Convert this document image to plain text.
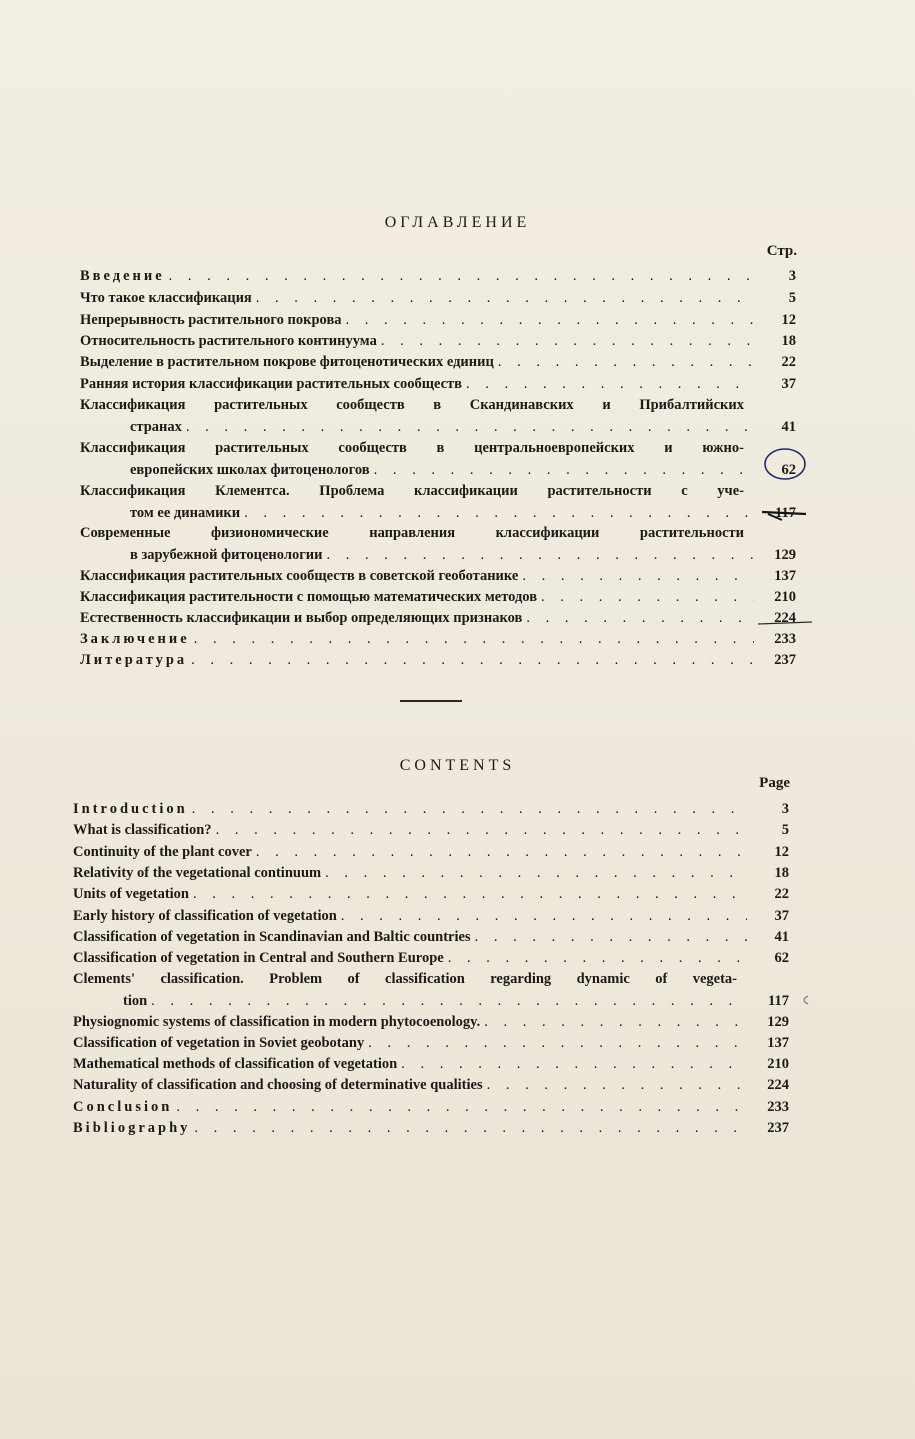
ОГЛАВЛЕНИЕ
Стр.
Введение . . .	3
Что такое классификация . . .	5
Непрерывность растительного покрова . . .	12
Относительность растительного континуума . . .	18
Выделение в растительном покрове фитоценотических единиц . . .	22
Ранняя история классификации растительных сообществ . . .	37
Классификация растительных сообществ в Скандинавских и Прибалтийских
странах . . .	41
Классификация растительных сообществ в центральноевропейских и южно-
европейских школах фитоценологов . . .	62
Классификация Клементса. Проблема классификации растительности с уче-
том ее динамики . . .	117
Современные физиономические направления классификации растительности
в зарубежной фитоценологии . . .	129
Классификация растительных сообществ в советской геоботанике . . .	137
Классификация растительности с помощью математических методов . . .	210
Естественность классификации и выбор определяющих признаков . . .	224
Заключение . . .	233
Литература . . .	237
CONTENTS
Page
Introduction . . .	3
What is classification? . . .	5
Continuity of the plant cover . . .	12
Relativity of the vegetational continuum . . .	18
Units of vegetation . . .	22
Early history of classification of vegetation . . .	37
Classification of vegetation in Scandinavian and Baltic countries . . .	41
Classification of vegetation in Central and Southern Europe . . .	62
Clements' classification. Problem of classification regarding dynamic of vegeta-
tion . . .	117
Physiognomic systems of classification in modern phytocoenology. . . .	129
Classification of vegetation in Soviet geobotany . . .	137
Mathematical methods of classification of vegetation . . .	210
Naturality of classification and choosing of determinative qualities . . .	224
Conclusion . . .	233
Bibliography . . .	237
